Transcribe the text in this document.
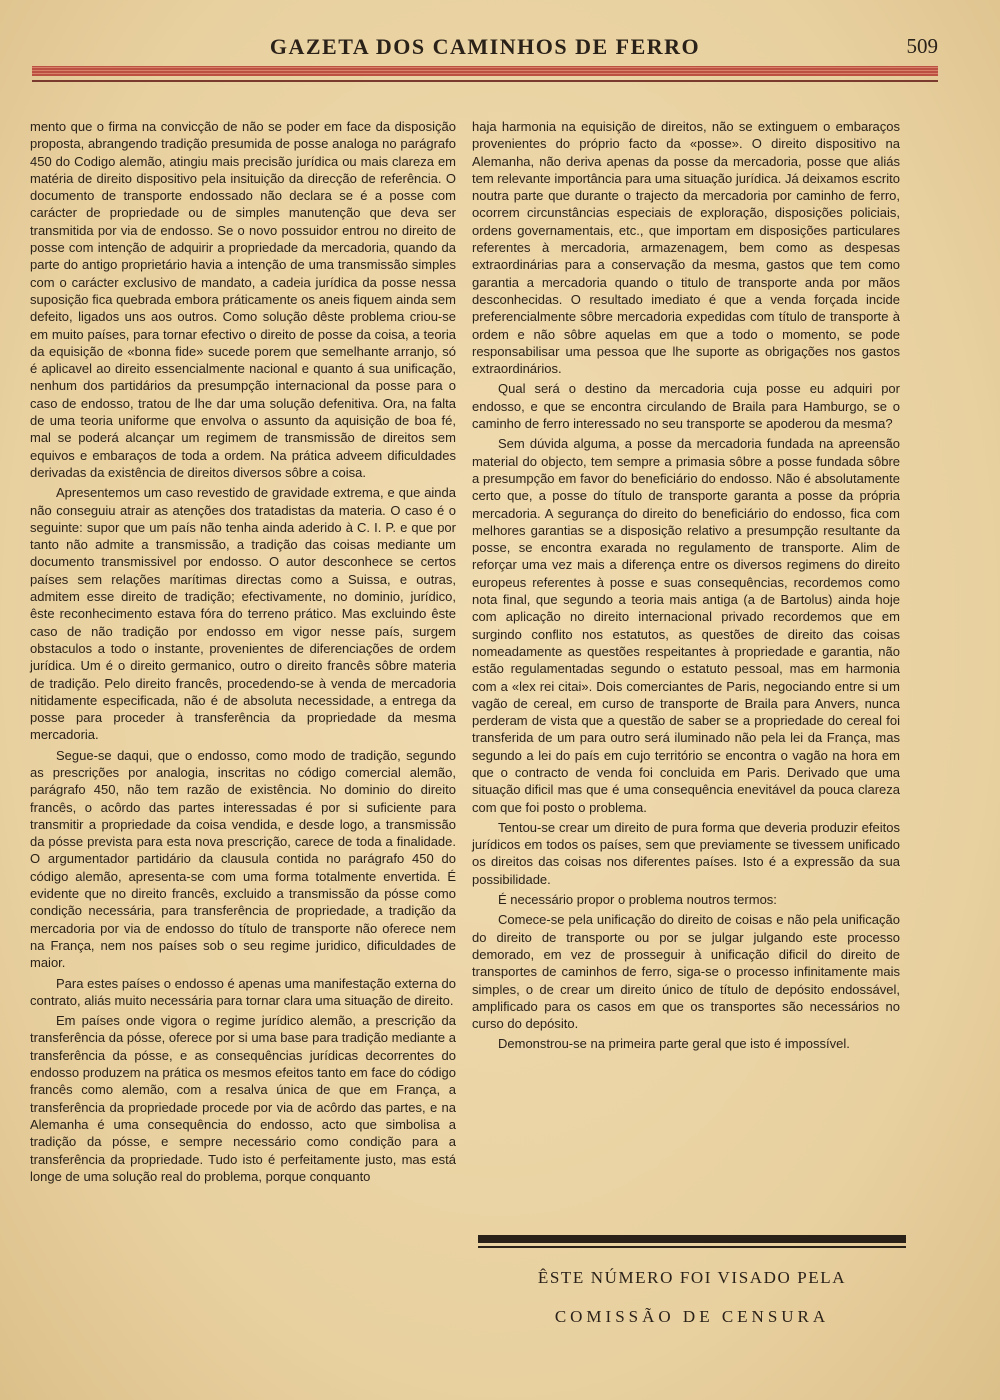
GAZETA DOS CAMINHOS DE FERRO	509

mento que o firma na convicção de não se poder em face da disposição proposta, abrangendo tradição presumida de posse analoga no parágrafo 450 do Codigo alemão, atingiu mais precisão jurídica ou mais clareza em matéria de direito dispositivo pela insituição da direcção de referência. O documento de transporte endossado não declara se é a posse com carácter de propriedade ou de simples manutenção que deva ser transmitida por via de endosso. Se o novo possuidor entrou no direito de posse com intenção de adquirir a propriedade da mercadoria, quando da parte do antigo proprietário havia a intenção de uma transmissão simples com o carácter exclusivo de mandato, a cadeia jurídica da posse nessa suposição fica quebrada embora práticamente os aneis fiquem ainda sem defeito, ligados uns aos outros. Como solução dêste problema criou-se em muito países, para tornar efectivo o direito de posse da coisa, a teoria da equisição de «bonna fide» sucede porem que semelhante arranjo, só é aplicavel ao direito essencialmente nacional e quanto á sua unificação, nenhum dos partidários da presumpção internacional da posse para o caso de endosso, tratou de lhe dar uma solução defenitiva. Ora, na falta de uma teoria uniforme que envolva o assunto da aquisição de boa fé, mal se poderá alcançar um regimem de transmissão de direitos sem equivos e embaraços de toda a ordem. Na prática adveem dificuldades derivadas da existência de direitos diversos sôbre a coisa.

Apresentemos um caso revestido de gravidade extrema, e que ainda não conseguiu atrair as atenções dos tratadistas da materia. O caso é o seguinte: supor que um país não tenha ainda aderido à C. I. P. e que por tanto não admite a transmissão, a tradição das coisas mediante um documento transmissivel por endosso. O autor desconhece se certos países sem relações marítimas directas como a Suissa, e outras, admitem esse direito de tradição; efectivamente, no dominio, jurídico, êste reconhecimento estava fóra do terreno prático. Mas excluindo êste caso de não tradição por endosso em vigor nesse país, surgem obstaculos a todo o instante, provenientes de diferenciações de ordem jurídica. Um é o direito germanico, outro o direito francês sôbre materia de tradição. Pelo direito francês, procedendo-se à venda de mercadoria nitidamente especificada, não é de absoluta necessidade, a entrega da posse para proceder à transferência da propriedade da mesma mercadoria.

Segue-se daqui, que o endosso, como modo de tradição, segundo as prescrições por analogia, inscritas no código comercial alemão, parágrafo 450, não tem razão de existência. No dominio do direito francês, o acôrdo das partes interessadas é por si suficiente para transmitir a propriedade da coisa vendida, e desde logo, a transmissão da pósse prevista para esta nova prescrição, carece de toda a finalidade. O argumentador partidário da clausula contida no parágrafo 450 do código alemão, apresenta-se com uma forma totalmente envertida. É evidente que no direito francês, excluido a transmissão da pósse como condição necessária, para transferência de propriedade, a tradição da mercadoria por via de endosso do título de transporte não oferece nem na França, nem nos países sob o seu regime juridico, dificuldades de maior.

Para estes países o endosso é apenas uma manifestação externa do contrato, aliás muito necessária para tornar clara uma situação de direito.

Em países onde vigora o regime jurídico alemão, a prescrição da transferência da pósse, oferece por si uma base para tradição mediante a transferência da pósse, e as consequências jurídicas decorrentes do endosso produzem na prática os mesmos efeitos tanto em face do código francês como alemão, com a resalva única de que em França, a transferência da propriedade procede por via de acôrdo das partes, e na Alemanha é uma consequência do endosso, acto que simbolisa a tradição da pósse, e sempre necessário como condição para a transferência da propriedade. Tudo isto é perfeitamente justo, mas está longe de uma solução real do problema, porque conquanto

haja harmonia na equisição de direitos, não se extinguem o embaraços provenientes do próprio facto da «posse». O direito dispositivo na Alemanha, não deriva apenas da posse da mercadoria, posse que aliás tem relevante importância para uma situação jurídica. Já deixamos escrito noutra parte que durante o trajecto da mercadoria por caminho de ferro, ocorrem circunstâncias especiais de exploração, disposições policiais, ordens governamentais, etc., que importam em disposições particulares referentes à mercadoria, armazenagem, bem como as despesas extraordinárias para a conservação da mesma, gastos que tem como garantia a mercadoria quando o titulo de transporte anda por mãos desconhecidas. O resultado imediato é que a venda forçada incide preferencialmente sôbre mercadoria expedidas com título de transporte à ordem e não sôbre aquelas em que a todo o momento, se pode responsabilisar uma pessoa que lhe suporte as obrigações nos gastos extraordinários.

Qual será o destino da mercadoria cuja posse eu adquiri por endosso, e que se encontra circulando de Braila para Hamburgo, se o caminho de ferro interessado no seu transporte se apoderou da mesma?

Sem dúvida alguma, a posse da mercadoria fundada na apreensão material do objecto, tem sempre a primasia sôbre a posse fundada sôbre a presumpção em favor do beneficiário do endosso. Não é absolutamente certo que, a posse do título de transporte garanta a posse da própria mercadoria. A segurança do direito do beneficiário do endosso, fica com melhores garantias se a disposição relativo a presumpção resultante da posse, se encontra exarada no regulamento de transporte. Alim de reforçar uma vez mais a diferença entre os diversos regimens do direito europeus referentes à posse e suas consequências, recordemos como nota final, que segundo a teoria mais antiga (a de Bartolus) ainda hoje com aplicação no direito internacional privado recordemos que em surgindo conflito nos estatutos, as questões de direito das coisas nomeadamente as questões respeitantes à propriedade e garantia, não estão regulamentadas segundo o estatuto pessoal, mas em harmonia com a «lex rei citai». Dois comerciantes de Paris, negociando entre si um vagão de cereal, em curso de transporte de Braila para Anvers, nunca perderam de vista que a questão de saber se a propriedade do cereal foi transferida de um para outro será iluminado não pela lei da França, mas segundo a lei do país em cujo território se encontra o vagão na hora em que o contracto de venda foi concluida em Paris. Derivado que uma situação dificil mas que é uma consequência enevitável da pouca clareza com que foi posto o problema.

Tentou-se crear um direito de pura forma que deveria produzir efeitos jurídicos em todos os países, sem que previamente se tivessem unificado os direitos das coisas nos diferentes países. Isto é a expressão da sua possibilidade.

É necessário propor o problema noutros termos:

Comece-se pela unificação do direito de coisas e não pela unificação do direito de transporte ou por se julgar julgando este processo demorado, em vez de prosseguir à unificação dificil do direito de transportes de caminhos de ferro, siga-se o processo infinitamente mais simples, o de crear um direito único de título de depósito endossável, amplificado para os casos em que os transportes são necessários no curso do depósito.

Demonstrou-se na primeira parte geral que isto é impossível.

ÊSTE NÚMERO FOI VISADO PELA
COMISSÃO DE CENSURA
